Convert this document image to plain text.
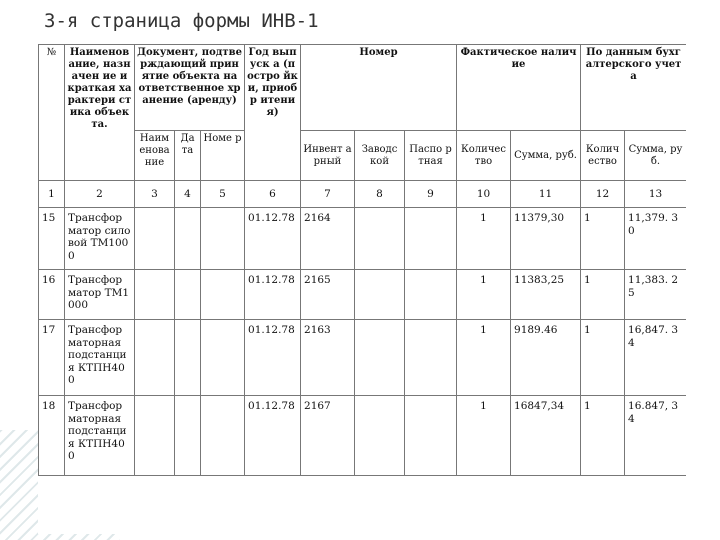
3-я страница формы ИНВ-1
№	Наименов ание, назначен ие и краткая характери стика объекта.	Документ, подтверждающий принятие объекта на ответственное хранение (аренду)			Год выпуск а (постро йки, приобр итения)	Номер			Фактическое наличие		По данным бухгалтерского учета	
		Наим енова ние	Да та	Номе р		Инвент арный	Заводс кой	Паспо ртная	Количес тво	Сумма, руб.	Колич ество	Сумма, руб.
1	2	3	4	5	6	7	8	9	10	11	12	13
15	Трансфор матор силовой ТМ1000				01.12.78	2164			1	11379,30	1	11,379. 30
16	Трансфор матор ТМ1000				01.12.78	2165			1	11383,25	1	11,383. 25
17	Трансфор маторная подстанци я КТПН400				01.12.78	2163			1	9189.46	1	16,847. 34
18	Трансфор маторная подстанци я КТПН400				01.12.78	2167			1	16847,34	1	16.847, 34
